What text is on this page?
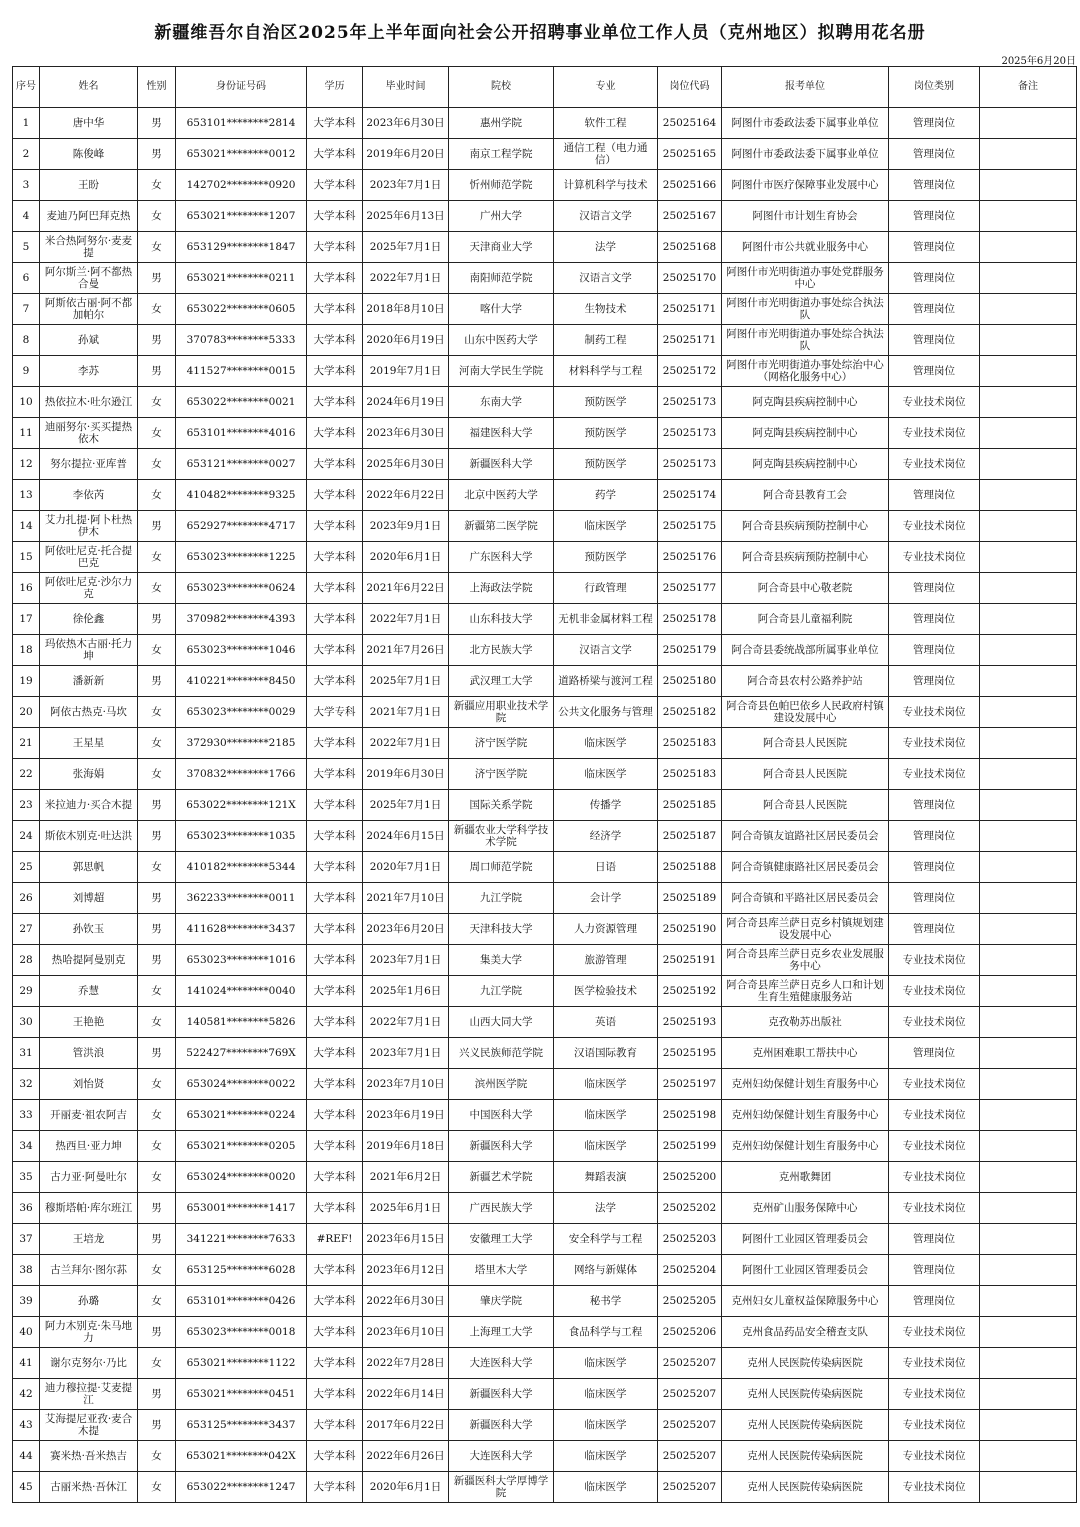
新疆维吾尔自治区2025年上半年面向社会公开招聘事业单位工作人员（克州地区）拟聘用花名册
2025年6月20日
序号	姓名	性别	身份证号码	学历	毕业时间	院校	专业	岗位代码	报考单位	岗位类别	备注
1	唐中华	男	653101********2814	大学本科	2023年6月30日	惠州学院	软件工程	25025164	阿图什市委政法委下属事业单位	管理岗位	
2	陈俊峰	男	653021********0012	大学本科	2019年6月20日	南京工程学院	通信工程（电力通信）	25025165	阿图什市委政法委下属事业单位	管理岗位	
3	王盼	女	142702********0920	大学本科	2023年7月1日	忻州师范学院	计算机科学与技术	25025166	阿图什市医疗保障事业发展中心	管理岗位	
4	麦迪乃阿巴拜克热	女	653021********1207	大学本科	2025年6月13日	广州大学	汉语言文学	25025167	阿图什市计划生育协会	管理岗位	
5	米合热阿努尔·麦麦提	女	653129********1847	大学本科	2025年7月1日	天津商业大学	法学	25025168	阿图什市公共就业服务中心	管理岗位	
6	阿尔斯兰·阿不都热合曼	男	653021********0211	大学本科	2022年7月1日	南阳师范学院	汉语言文学	25025170	阿图什市光明街道办事处党群服务中心	管理岗位	
7	阿斯依古丽·阿不都加帕尔	女	653022********0605	大学本科	2018年8月10日	喀什大学	生物技术	25025171	阿图什市光明街道办事处综合执法队	管理岗位	
8	孙斌	男	370783********5333	大学本科	2020年6月19日	山东中医药大学	制药工程	25025171	阿图什市光明街道办事处综合执法队	管理岗位	
9	李苏	男	411527********0015	大学本科	2019年7月1日	河南大学民生学院	材料科学与工程	25025172	阿图什市光明街道办事处综治中心（网格化服务中心）	管理岗位	
10	热依拉木·吐尔逊江	女	653022********0021	大学本科	2024年6月19日	东南大学	预防医学	25025173	阿克陶县疾病控制中心	专业技术岗位	
11	迪丽努尔·买买提热依木	女	653101********4016	大学本科	2023年6月30日	福建医科大学	预防医学	25025173	阿克陶县疾病控制中心	专业技术岗位	
12	努尔提拉·亚库普	女	653121********0027	大学本科	2025年6月30日	新疆医科大学	预防医学	25025173	阿克陶县疾病控制中心	专业技术岗位	
13	李依芮	女	410482********9325	大学本科	2022年6月22日	北京中医药大学	药学	25025174	阿合奇县教育工会	管理岗位	
14	艾力扎提·阿卜杜热伊木	男	652927********4717	大学本科	2023年9月1日	新疆第二医学院	临床医学	25025175	阿合奇县疾病预防控制中心	专业技术岗位	
15	阿依吐尼克·托合提巴克	女	653023********1225	大学本科	2020年6月1日	广东医科大学	预防医学	25025176	阿合奇县疾病预防控制中心	专业技术岗位	
16	阿依吐尼克·沙尔力克	女	653023********0624	大学本科	2021年6月22日	上海政法学院	行政管理	25025177	阿合奇县中心敬老院	管理岗位	
17	徐伦鑫	男	370982********4393	大学本科	2022年7月1日	山东科技大学	无机非金属材料工程	25025178	阿合奇县儿童福利院	管理岗位	
18	玛依热木古丽·托力坤	女	653023********1046	大学本科	2021年7月26日	北方民族大学	汉语言文学	25025179	阿合奇县委统战部所属事业单位	管理岗位	
19	潘新新	男	410221********8450	大学本科	2025年7月1日	武汉理工大学	道路桥梁与渡河工程	25025180	阿合奇县农村公路养护站	管理岗位	
20	阿依古热克·马坎	女	653023********0029	大学专科	2021年7月1日	新疆应用职业技术学院	公共文化服务与管理	25025182	阿合奇县色帕巴依乡人民政府村镇建设发展中心	专业技术岗位	
21	王星星	女	372930********2185	大学本科	2022年7月1日	济宁医学院	临床医学	25025183	阿合奇县人民医院	专业技术岗位	
22	张海娟	女	370832********1766	大学本科	2019年6月30日	济宁医学院	临床医学	25025183	阿合奇县人民医院	专业技术岗位	
23	米拉迪力·买合木提	男	653022********121X	大学本科	2025年7月1日	国际关系学院	传播学	25025185	阿合奇县人民医院	管理岗位	
24	斯依木别克·吐达洪	男	653023********1035	大学本科	2024年6月15日	新疆农业大学科学技术学院	经济学	25025187	阿合奇镇友谊路社区居民委员会	管理岗位	
25	郭思帆	女	410182********5344	大学本科	2020年7月1日	周口师范学院	日语	25025188	阿合奇镇健康路社区居民委员会	管理岗位	
26	刘博超	男	362233********0011	大学本科	2021年7月10日	九江学院	会计学	25025189	阿合奇镇和平路社区居民委员会	管理岗位	
27	孙钦玉	男	411628********3437	大学本科	2023年6月20日	天津科技大学	人力资源管理	25025190	阿合奇县库兰萨日克乡村镇规划建设发展中心	管理岗位	
28	热哈提阿曼别克	男	653023********1016	大学本科	2023年7月1日	集美大学	旅游管理	25025191	阿合奇县库兰萨日克乡农业发展服务中心	专业技术岗位	
29	乔慧	女	141024********0040	大学本科	2025年1月6日	九江学院	医学检验技术	25025192	阿合奇县库兰萨日克乡人口和计划生育生殖健康服务站	专业技术岗位	
30	王艳艳	女	140581********5826	大学本科	2022年7月1日	山西大同大学	英语	25025193	克孜勒苏出版社	专业技术岗位	
31	管洪浪	男	522427********769X	大学本科	2023年7月1日	兴义民族师范学院	汉语国际教育	25025195	克州困难职工帮扶中心	管理岗位	
32	刘怡贤	女	653024********0022	大学本科	2023年7月10日	滨州医学院	临床医学	25025197	克州妇幼保健计划生育服务中心	专业技术岗位	
33	开丽麦·祖农阿吉	女	653021********0224	大学本科	2023年6月19日	中国医科大学	临床医学	25025198	克州妇幼保健计划生育服务中心	专业技术岗位	
34	热西旦·亚力坤	女	653021********0205	大学本科	2019年6月18日	新疆医科大学	临床医学	25025199	克州妇幼保健计划生育服务中心	专业技术岗位	
35	古力亚·阿曼吐尔	女	653024********0020	大学本科	2021年6月2日	新疆艺术学院	舞蹈表演	25025200	克州歌舞团	专业技术岗位	
36	穆斯塔帕·库尔班江	男	653001********1417	大学本科	2025年6月1日	广西民族大学	法学	25025202	克州矿山服务保障中心	专业技术岗位	
37	王培龙	男	341221********7633	#REF!	2023年6月15日	安徽理工大学	安全科学与工程	25025203	阿图什工业园区管理委员会	管理岗位	
38	古兰拜尔·图尔荪	女	653125********6028	大学本科	2023年6月12日	塔里木大学	网络与新媒体	25025204	阿图什工业园区管理委员会	管理岗位	
39	孙璐	女	653101********0426	大学本科	2022年6月30日	肇庆学院	秘书学	25025205	克州妇女儿童权益保障服务中心	管理岗位	
40	阿力木别克·朱马地力	男	653023********0018	大学本科	2023年6月10日	上海理工大学	食品科学与工程	25025206	克州食品药品安全稽查支队	专业技术岗位	
41	谢尔克努尔·乃比	女	653021********1122	大学本科	2022年7月28日	大连医科大学	临床医学	25025207	克州人民医院传染病医院	专业技术岗位	
42	迪力穆拉提·艾麦提江	男	653021********0451	大学本科	2022年6月14日	新疆医科大学	临床医学	25025207	克州人民医院传染病医院	专业技术岗位	
43	艾海提尼亚孜·麦合木提	男	653125********3437	大学本科	2017年6月22日	新疆医科大学	临床医学	25025207	克州人民医院传染病医院	专业技术岗位	
44	赛米热·吾米热吉	女	653021********042X	大学本科	2022年6月26日	大连医科大学	临床医学	25025207	克州人民医院传染病医院	专业技术岗位	
45	古丽米热·吾休江	女	653022********1247	大学本科	2020年6月1日	新疆医科大学厚博学院	临床医学	25025207	克州人民医院传染病医院	专业技术岗位	
